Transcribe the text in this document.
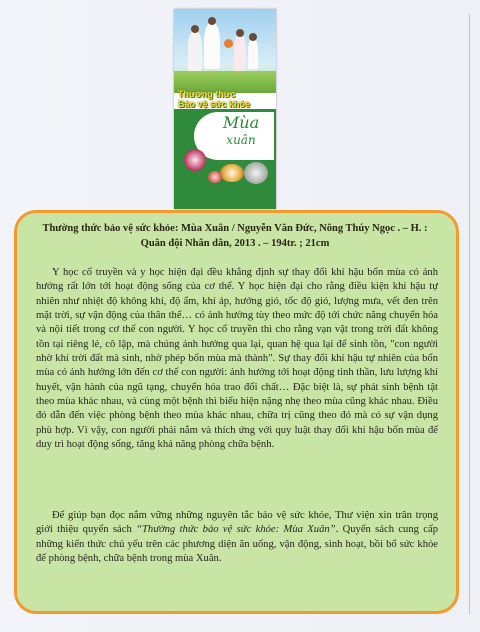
Thường thức
Bảo vệ sức khỏe
Mùa
xuân
Thường thức bảo vệ sức khỏe: Mùa Xuân / Nguyễn Văn Đức, Nông Thúy Ngọc . – H. : Quân đội Nhân dân, 2013 . – 194tr. ; 21cm

Y học cổ truyền và y học hiện đại đều khẳng định sự thay đổi khí hậu bốn mùa có ảnh hưởng rất lớn tới hoạt động sống của cơ thể. Y học hiện đại cho rằng điều kiện khí hậu tự nhiên như nhiệt độ không khí, độ ẩm, khí áp, hướng gió, tốc độ gió, lượng mưa, vết đen trên mặt trời, sự vận động của thân thể… có ảnh hưởng tùy theo mức độ tới chức năng chuyển hóa và nội tiết trong cơ thể con người. Y học cổ truyền thì cho rằng vạn vật trong trời đất không tồn tại riêng lẻ, cô lập, mà chúng ảnh hưởng qua lại, quan hệ qua lại để sinh tồn, "con người nhờ khí trời đất mà sinh, nhờ phép bốn mùa mà thành". Sự thay đổi khí hậu tự nhiên của bốn mùa có ảnh hưởng lớn đến cơ thể con người: ảnh hưởng tới hoạt động tinh thần, lưu lượng khí huyết, vận hành của ngũ tạng, chuyển hóa trao đổi chất… Đặc biệt là, sự phát sinh bệnh tật theo mùa khác nhau, và cùng một bệnh thì biểu hiện nặng nhẹ theo mùa cũng khác nhau. Điều đó dẫn đến việc phòng bệnh theo mùa khác nhau, chữa trị cũng theo đó mà có sự vận dụng phù hợp. Vì vậy, con người phải nắm và thích ứng với quy luật thay đổi khí hậu bốn mùa để duy trì hoạt động sống, tăng khả năng phòng chữa bệnh.

Để giúp bạn đọc nắm vững những nguyên tắc bảo vệ sức khỏe, Thư viện xin trân trọng giới thiệu quyển sách “Thường thức bảo vệ sức khỏe: Mùa Xuân”. Quyển sách cung cấp những kiến thức chủ yếu trên các phương diện ăn uống, vận động, sinh hoạt, bồi bổ sức khỏe để phòng bệnh, chữa bệnh trong mùa Xuân.
